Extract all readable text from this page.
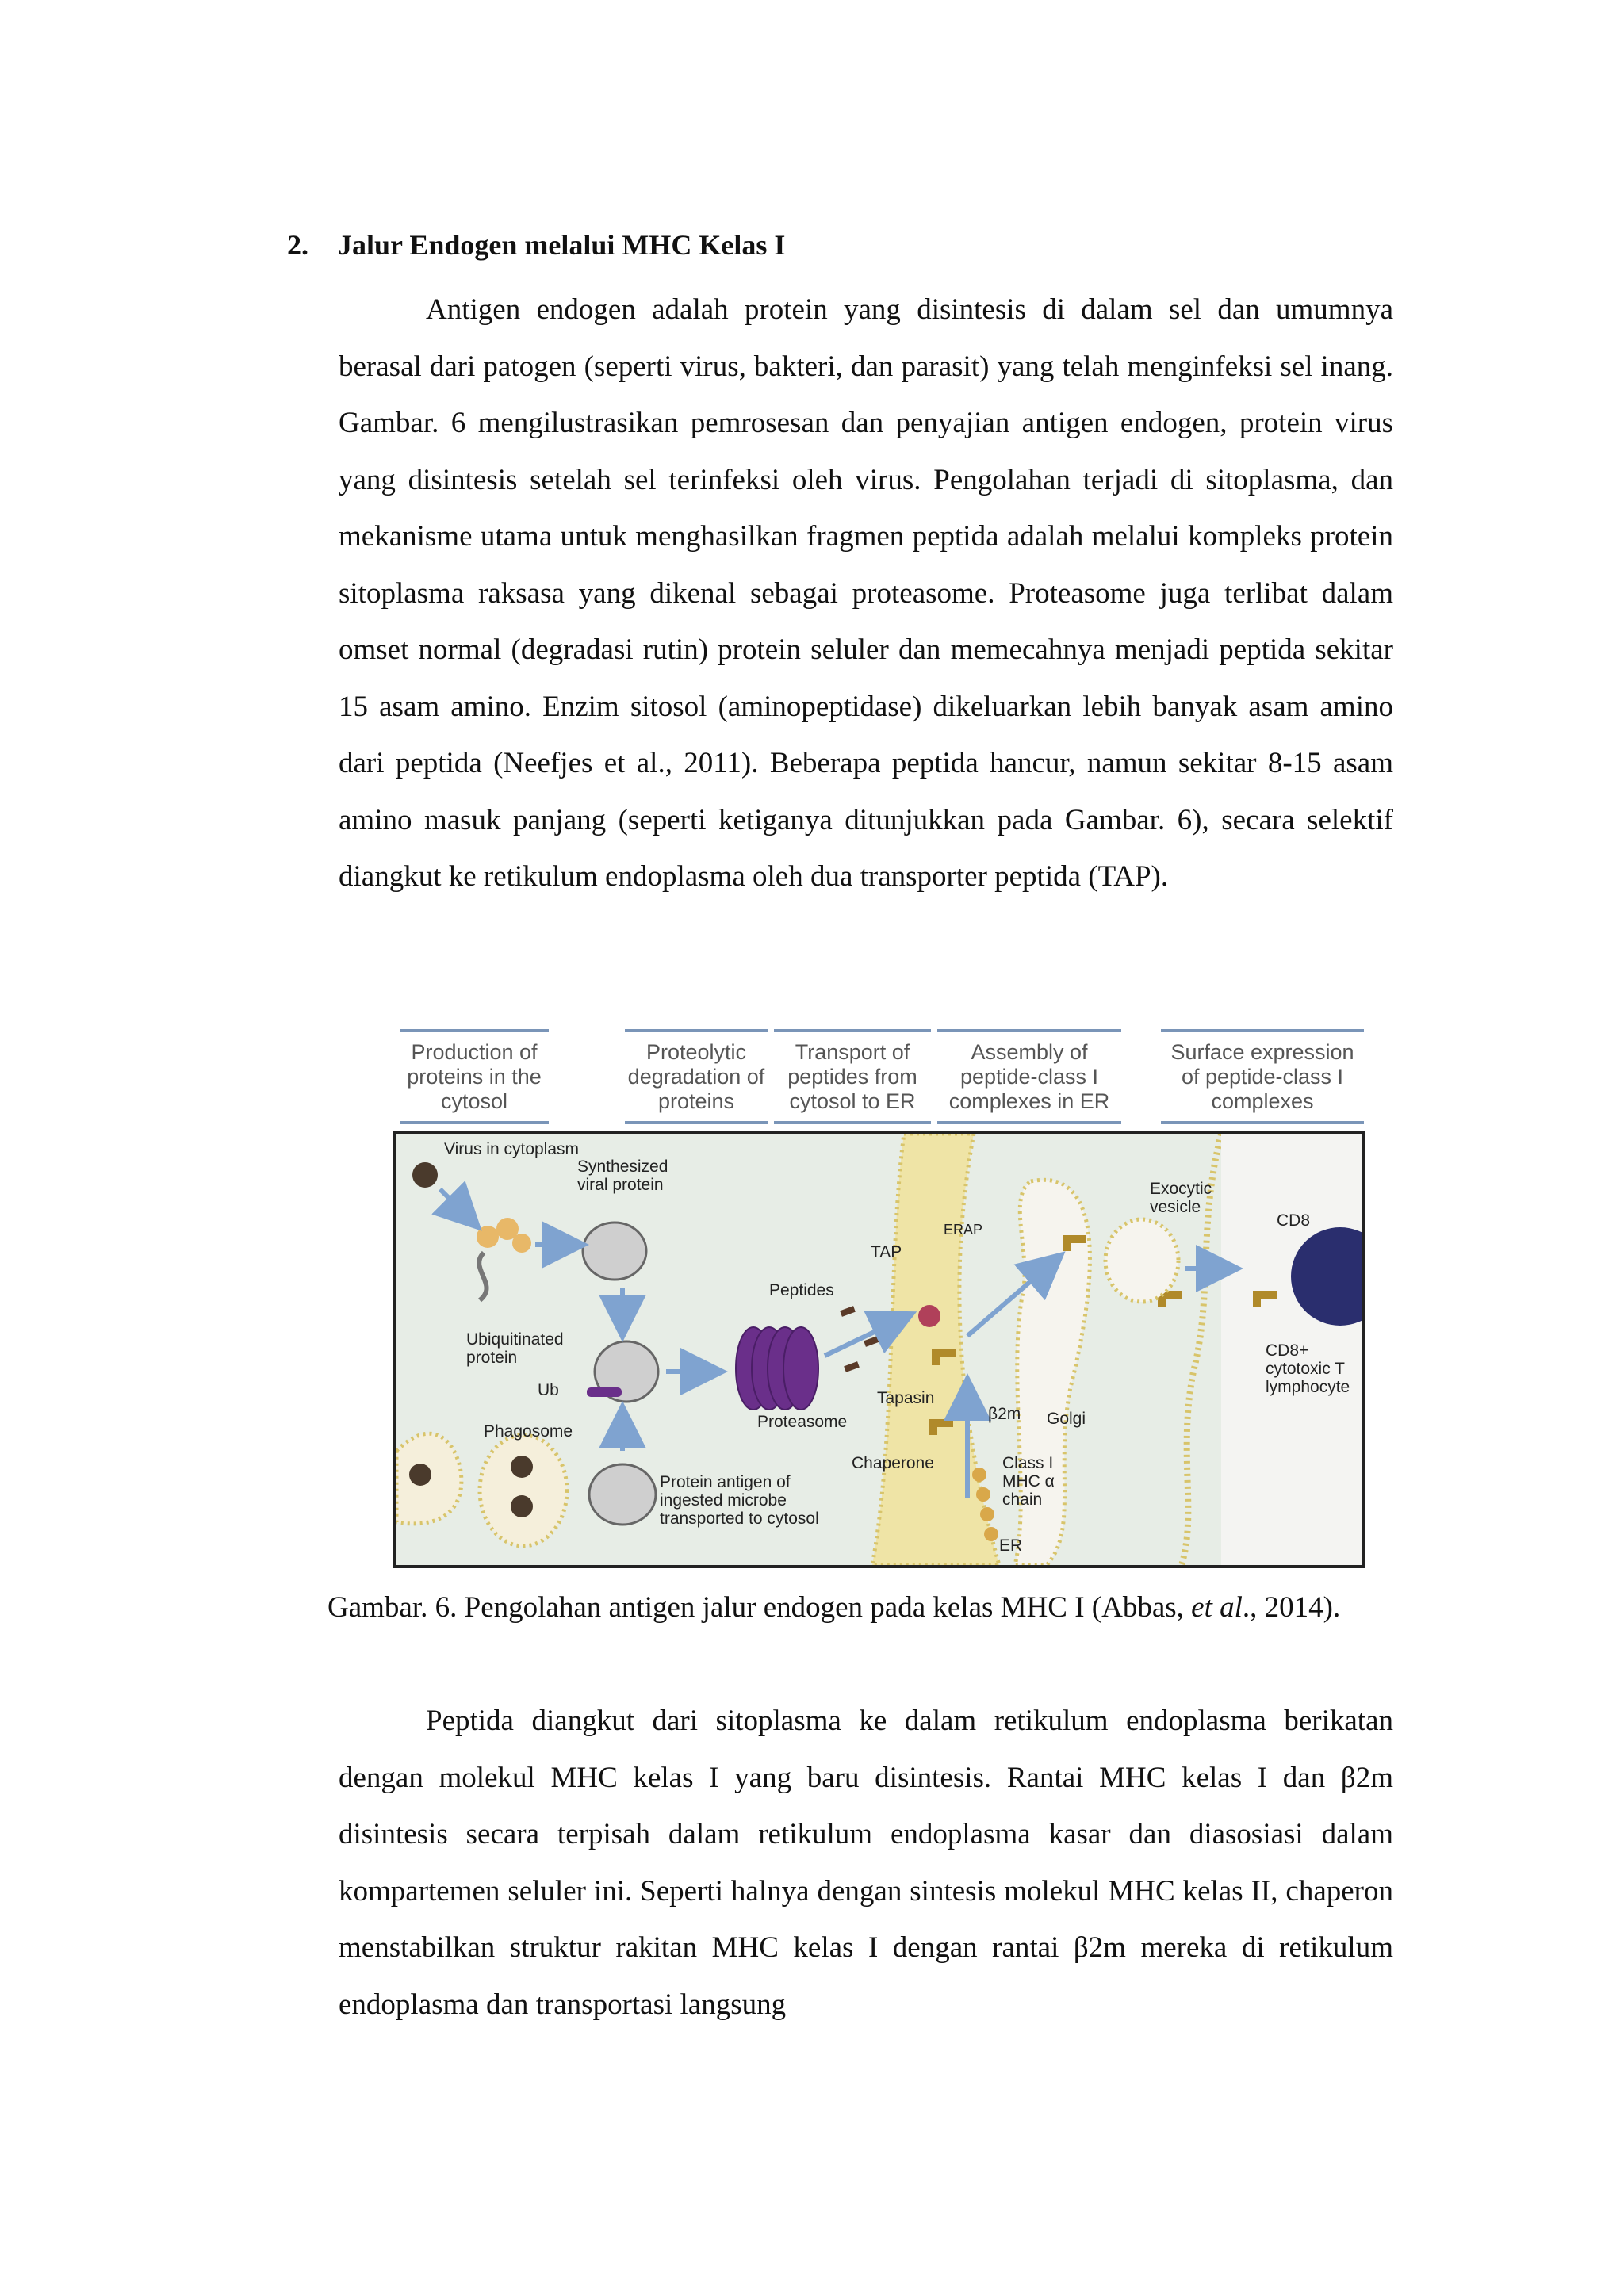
2. Jalur Endogen melalui MHC Kelas I

Antigen endogen adalah protein yang disintesis di dalam sel dan umumnya berasal dari patogen (seperti virus, bakteri, dan parasit) yang telah menginfeksi sel inang. Gambar. 6 mengilustrasikan pemrosesan dan penyajian antigen endogen, protein virus yang disintesis setelah sel terinfeksi oleh virus. Pengolahan terjadi di sitoplasma, dan mekanisme utama untuk menghasilkan fragmen peptida adalah melalui kompleks protein sitoplasma raksasa yang dikenal sebagai proteasome. Proteasome juga terlibat dalam omset normal (degradasi rutin) protein seluler dan memecahnya menjadi peptida sekitar 15 asam amino. Enzim sitosol (aminopeptidase) dikeluarkan lebih banyak asam amino dari peptida (Neefjes et al., 2011). Beberapa peptida hancur, namun sekitar 8-15 asam amino masuk panjang (seperti ketiganya ditunjukkan pada Gambar. 6), secara selektif diangkut ke retikulum endoplasma oleh dua transporter peptida (TAP).

Production of proteins in the cytosol
Proteolytic degradation of proteins
Transport of peptides from cytosol to ER
Assembly of peptide-class I complexes in ER
Surface expression of peptide-class I complexes
Virus in cytoplasm
Synthesized viral protein
Ubiquitinated protein
Ub
Phagosome
Protein antigen of ingested microbe transported to cytosol
Peptides
Proteasome
TAP
ERAP
Tapasin
β2m Golgi
Chaperone	Class I MHC α chain
ER
Exocytic vesicle
CD8
CD8+ cytotoxic T lymphocyte

Gambar. 6. Pengolahan antigen jalur endogen pada kelas MHC I (Abbas, et al., 2014).

Peptida diangkut dari sitoplasma ke dalam retikulum endoplasma berikatan dengan molekul MHC kelas I yang baru disintesis. Rantai MHC kelas I dan β2m disintesis secara terpisah dalam retikulum endoplasma kasar dan diasosiasi dalam kompartemen seluler ini. Seperti halnya dengan sintesis molekul MHC kelas II, chaperon menstabilkan struktur rakitan MHC kelas I dengan rantai β2m mereka di retikulum endoplasma dan transportasi langsung
